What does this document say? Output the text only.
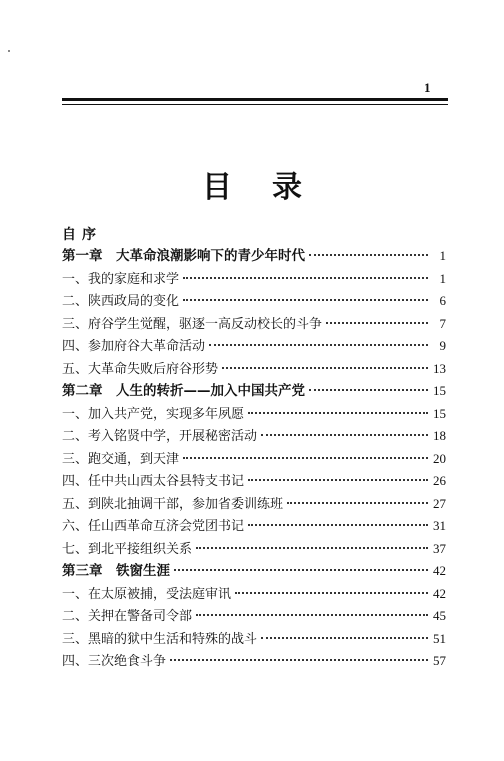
1
目录
自序
第一章　大革命浪潮影响下的青少年时代	1
一、我的家庭和求学	1
二、陕西政局的变化	6
三、府谷学生觉醒，驱逐一高反动校长的斗争	7
四、参加府谷大革命活动	9
五、大革命失败后府谷形势	13
第二章　人生的转折——加入中国共产党	15
一、加入共产党，实现多年夙愿	15
二、考入铭贤中学，开展秘密活动	18
三、跑交通，到天津	20
四、任中共山西太谷县特支书记	26
五、到陕北抽调干部，参加省委训练班	27
六、任山西革命互济会党团书记	31
七、到北平接组织关系	37
第三章　铁窗生涯	42
一、在太原被捕，受法庭审讯	42
二、关押在警备司令部	45
三、黑暗的狱中生活和特殊的战斗	51
四、三次绝食斗争	57
